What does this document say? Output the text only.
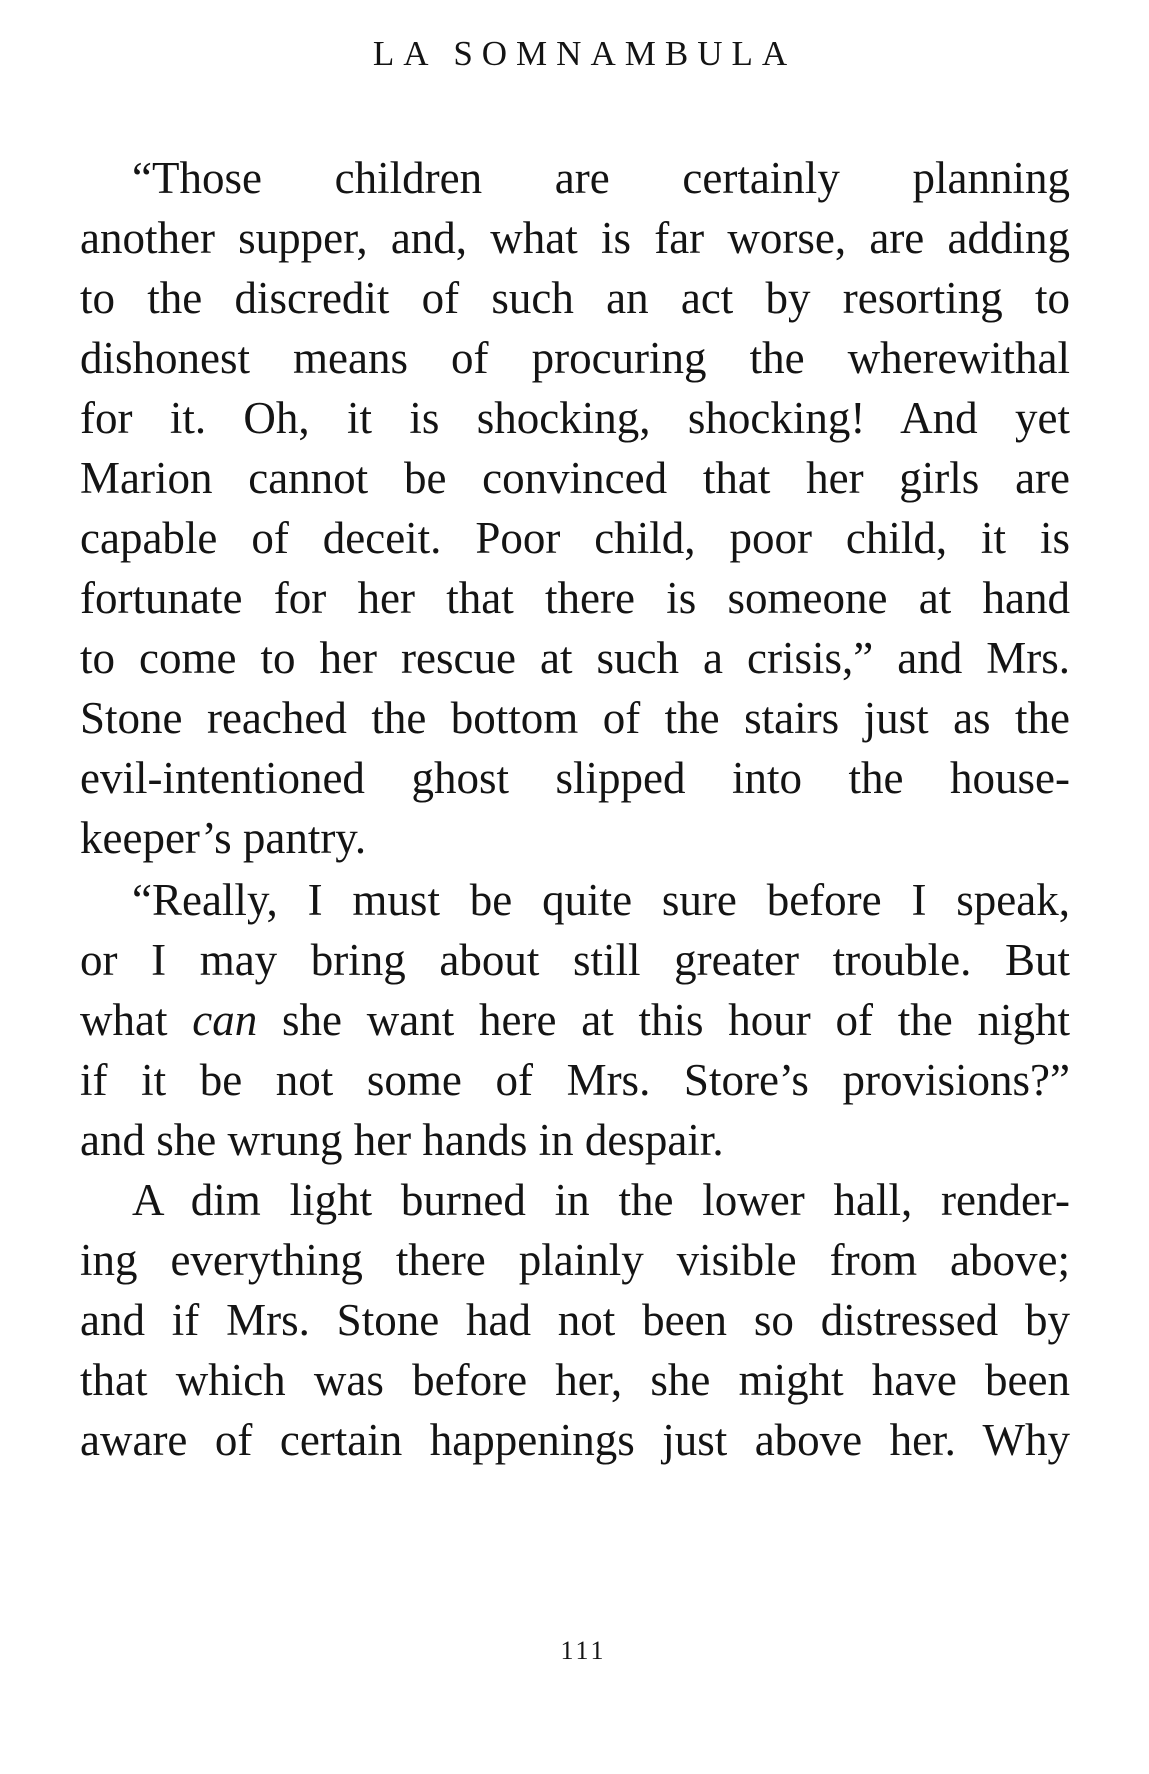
LA SOMNAMBULA
“Those children are certainly planning
another supper, and, what is far worse, are adding
to the discredit of such an act by resorting to
dishonest means of procuring the wherewithal
for it. Oh, it is shocking, shocking! And yet
Marion cannot be convinced that her girls are
capable of deceit. Poor child, poor child, it is
fortunate for her that there is someone at hand
to come to her rescue at such a crisis,” and Mrs.
Stone reached the bottom of the stairs just as the
evil-intentioned ghost slipped into the house-
keeper’s pantry.
“Really, I must be quite sure before I speak,
or I may bring about still greater trouble. But
what can she want here at this hour of the night
if it be not some of Mrs. Store’s provisions?”
and she wrung her hands in despair.
A dim light burned in the lower hall, render-
ing everything there plainly visible from above;
and if Mrs. Stone had not been so distressed by
that which was before her, she might have been
aware of certain happenings just above her. Why
111
